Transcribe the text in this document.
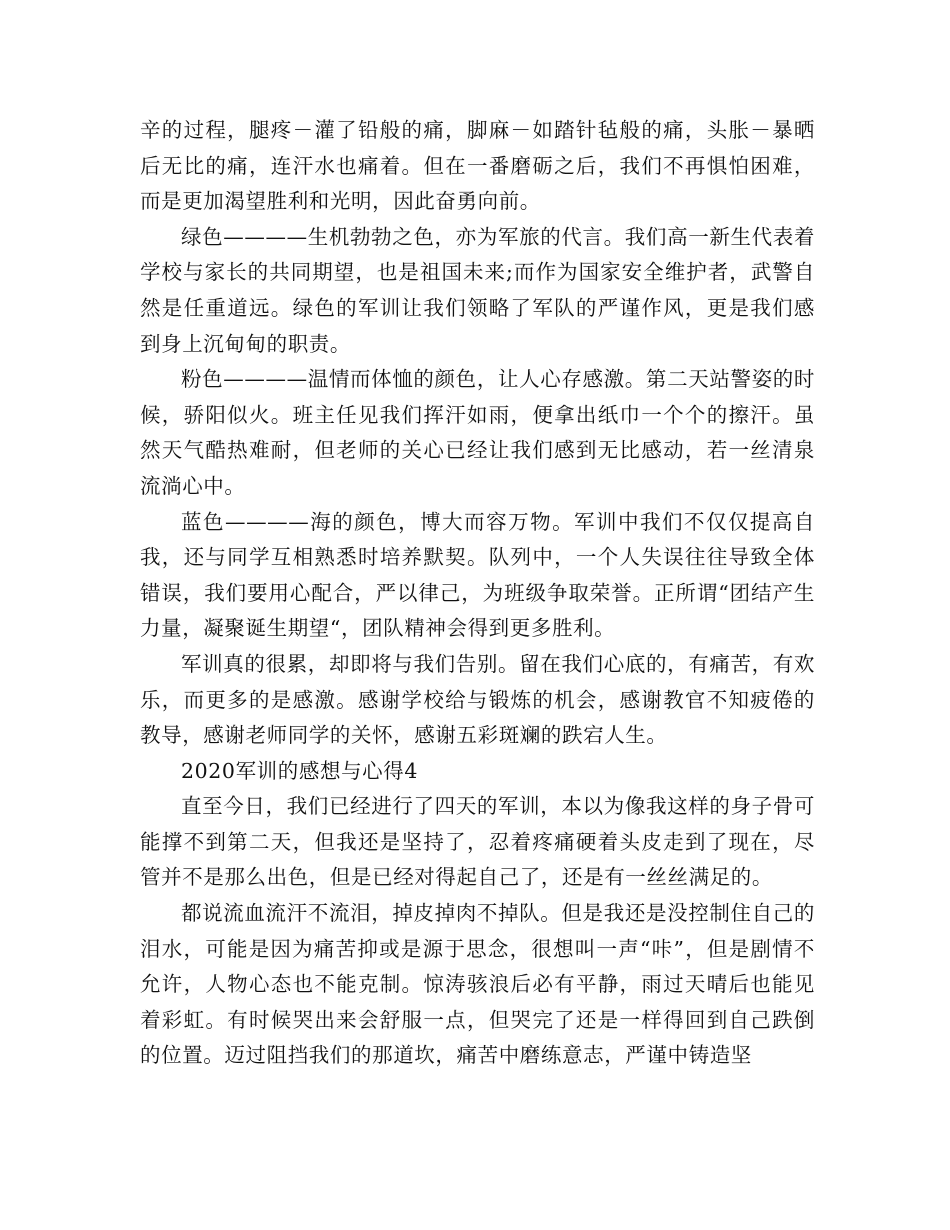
辛的过程，腿疼－灌了铅般的痛，脚麻－如踏针毡般的痛，头胀－暴晒后无比的痛，连汗水也痛着。但在一番磨砺之后，我们不再惧怕困难，而是更加渴望胜利和光明，因此奋勇向前。

绿色————生机勃勃之色，亦为军旅的代言。我们高一新生代表着学校与家长的共同期望，也是祖国未来;而作为国家安全维护者，武警自然是任重道远。绿色的军训让我们领略了军队的严谨作风，更是我们感到身上沉甸甸的职责。

粉色————温情而体恤的颜色，让人心存感激。第二天站警姿的时候，骄阳似火。班主任见我们挥汗如雨，便拿出纸巾一个个的擦汗。虽然天气酷热难耐，但老师的关心已经让我们感到无比感动，若一丝清泉流淌心中。

蓝色————海的颜色，博大而容万物。军训中我们不仅仅提高自我，还与同学互相熟悉时培养默契。队列中，一个人失误往往导致全体错误，我们要用心配合，严以律己，为班级争取荣誉。正所谓“团结产生力量，凝聚诞生期望“，团队精神会得到更多胜利。

军训真的很累，却即将与我们告别。留在我们心底的，有痛苦，有欢乐，而更多的是感激。感谢学校给与锻炼的机会，感谢教官不知疲倦的教导，感谢老师同学的关怀，感谢五彩斑斓的跌宕人生。

2020军训的感想与心得4

直至今日，我们已经进行了四天的军训，本以为像我这样的身子骨可能撑不到第二天，但我还是坚持了，忍着疼痛硬着头皮走到了现在，尽管并不是那么出色，但是已经对得起自己了，还是有一丝丝满足的。

都说流血流汗不流泪，掉皮掉肉不掉队。但是我还是没控制住自己的泪水，可能是因为痛苦抑或是源于思念，很想叫一声“咔”，但是剧情不允许，人物心态也不能克制。惊涛骇浪后必有平静，雨过天晴后也能见着彩虹。有时候哭出来会舒服一点，但哭完了还是一样得回到自己跌倒的位置。迈过阻挡我们的那道坎，痛苦中磨练意志，严谨中铸造坚
